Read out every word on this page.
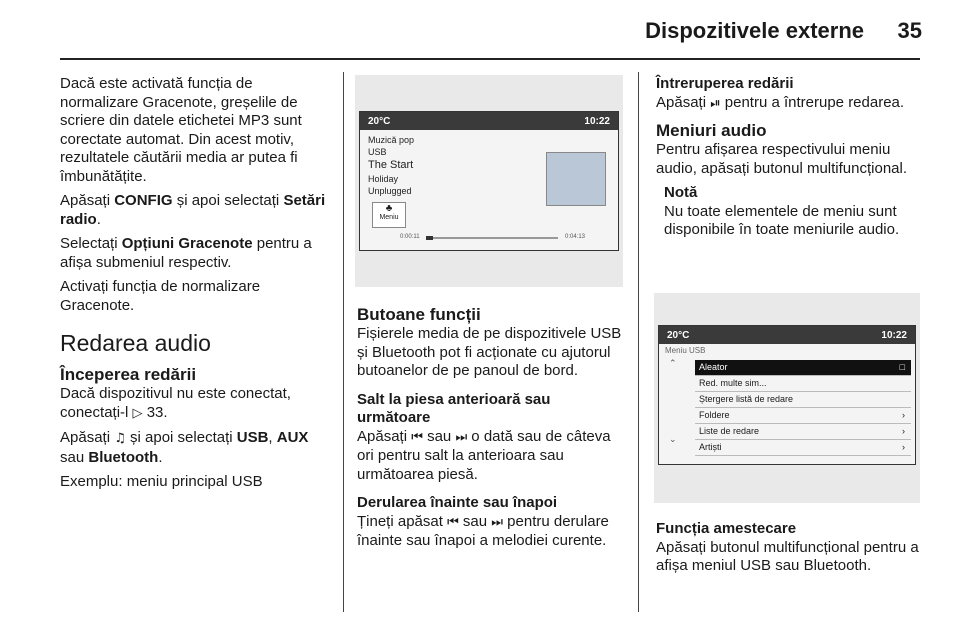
Dispozitivele externe 35

Dacă este activată funcția de normalizare Gracenote, greșelile de scriere din datele etichetei MP3 sunt corectate automat. Din acest motiv, rezultatele căutării media ar putea fi îmbunătățite.

Apăsați CONFIG și apoi selectați Setări radio.

Selectați Opțiuni Gracenote pentru a afișa submeniul respectiv.

Activați funcția de normalizare Gracenote.

Redarea audio
Începerea redării

Dacă dispozitivul nu este conectat, conectați-l ▷ 33.

Apăsați ♫ și apoi selectați USB, AUX sau Bluetooth.

Exemplu: meniu principal USB

20°C	10:22
Muzică pop
USB
The Start
Holiday
Unplugged
♣
Meniu
0:00:11	0:04:13
Butoane funcții

Fișierele media de pe dispozitivele USB și Bluetooth pot fi acționate cu ajutorul butoanelor de pe panoul de bord.

Salt la piesa anterioară sau următoare

Apăsați ⏮ sau ⏭ o dată sau de câteva ori pentru salt la anterioara sau următoarea piesă.

Derularea înainte sau înapoi

Țineți apăsat ⏮ sau ⏭ pentru derulare înainte sau înapoi a melodiei curente.

Întreruperea redării

Apăsați ⏯ pentru a întrerupe redarea.

Meniuri audio

Pentru afișarea respectivului meniu audio, apăsați butonul multifuncțional.

Notă
Nu toate elementele de meniu sunt disponibile în toate meniurile audio.
20°C	10:22
Meniu USB
⌃
⌄
Aleator	□
Red. multe sim...
Ștergere listă de redare
Foldere	›
Liste de redare	›
Artiști	›
Funcția amestecare

Apăsați butonul multifuncțional pentru a afișa meniul USB sau Bluetooth.
